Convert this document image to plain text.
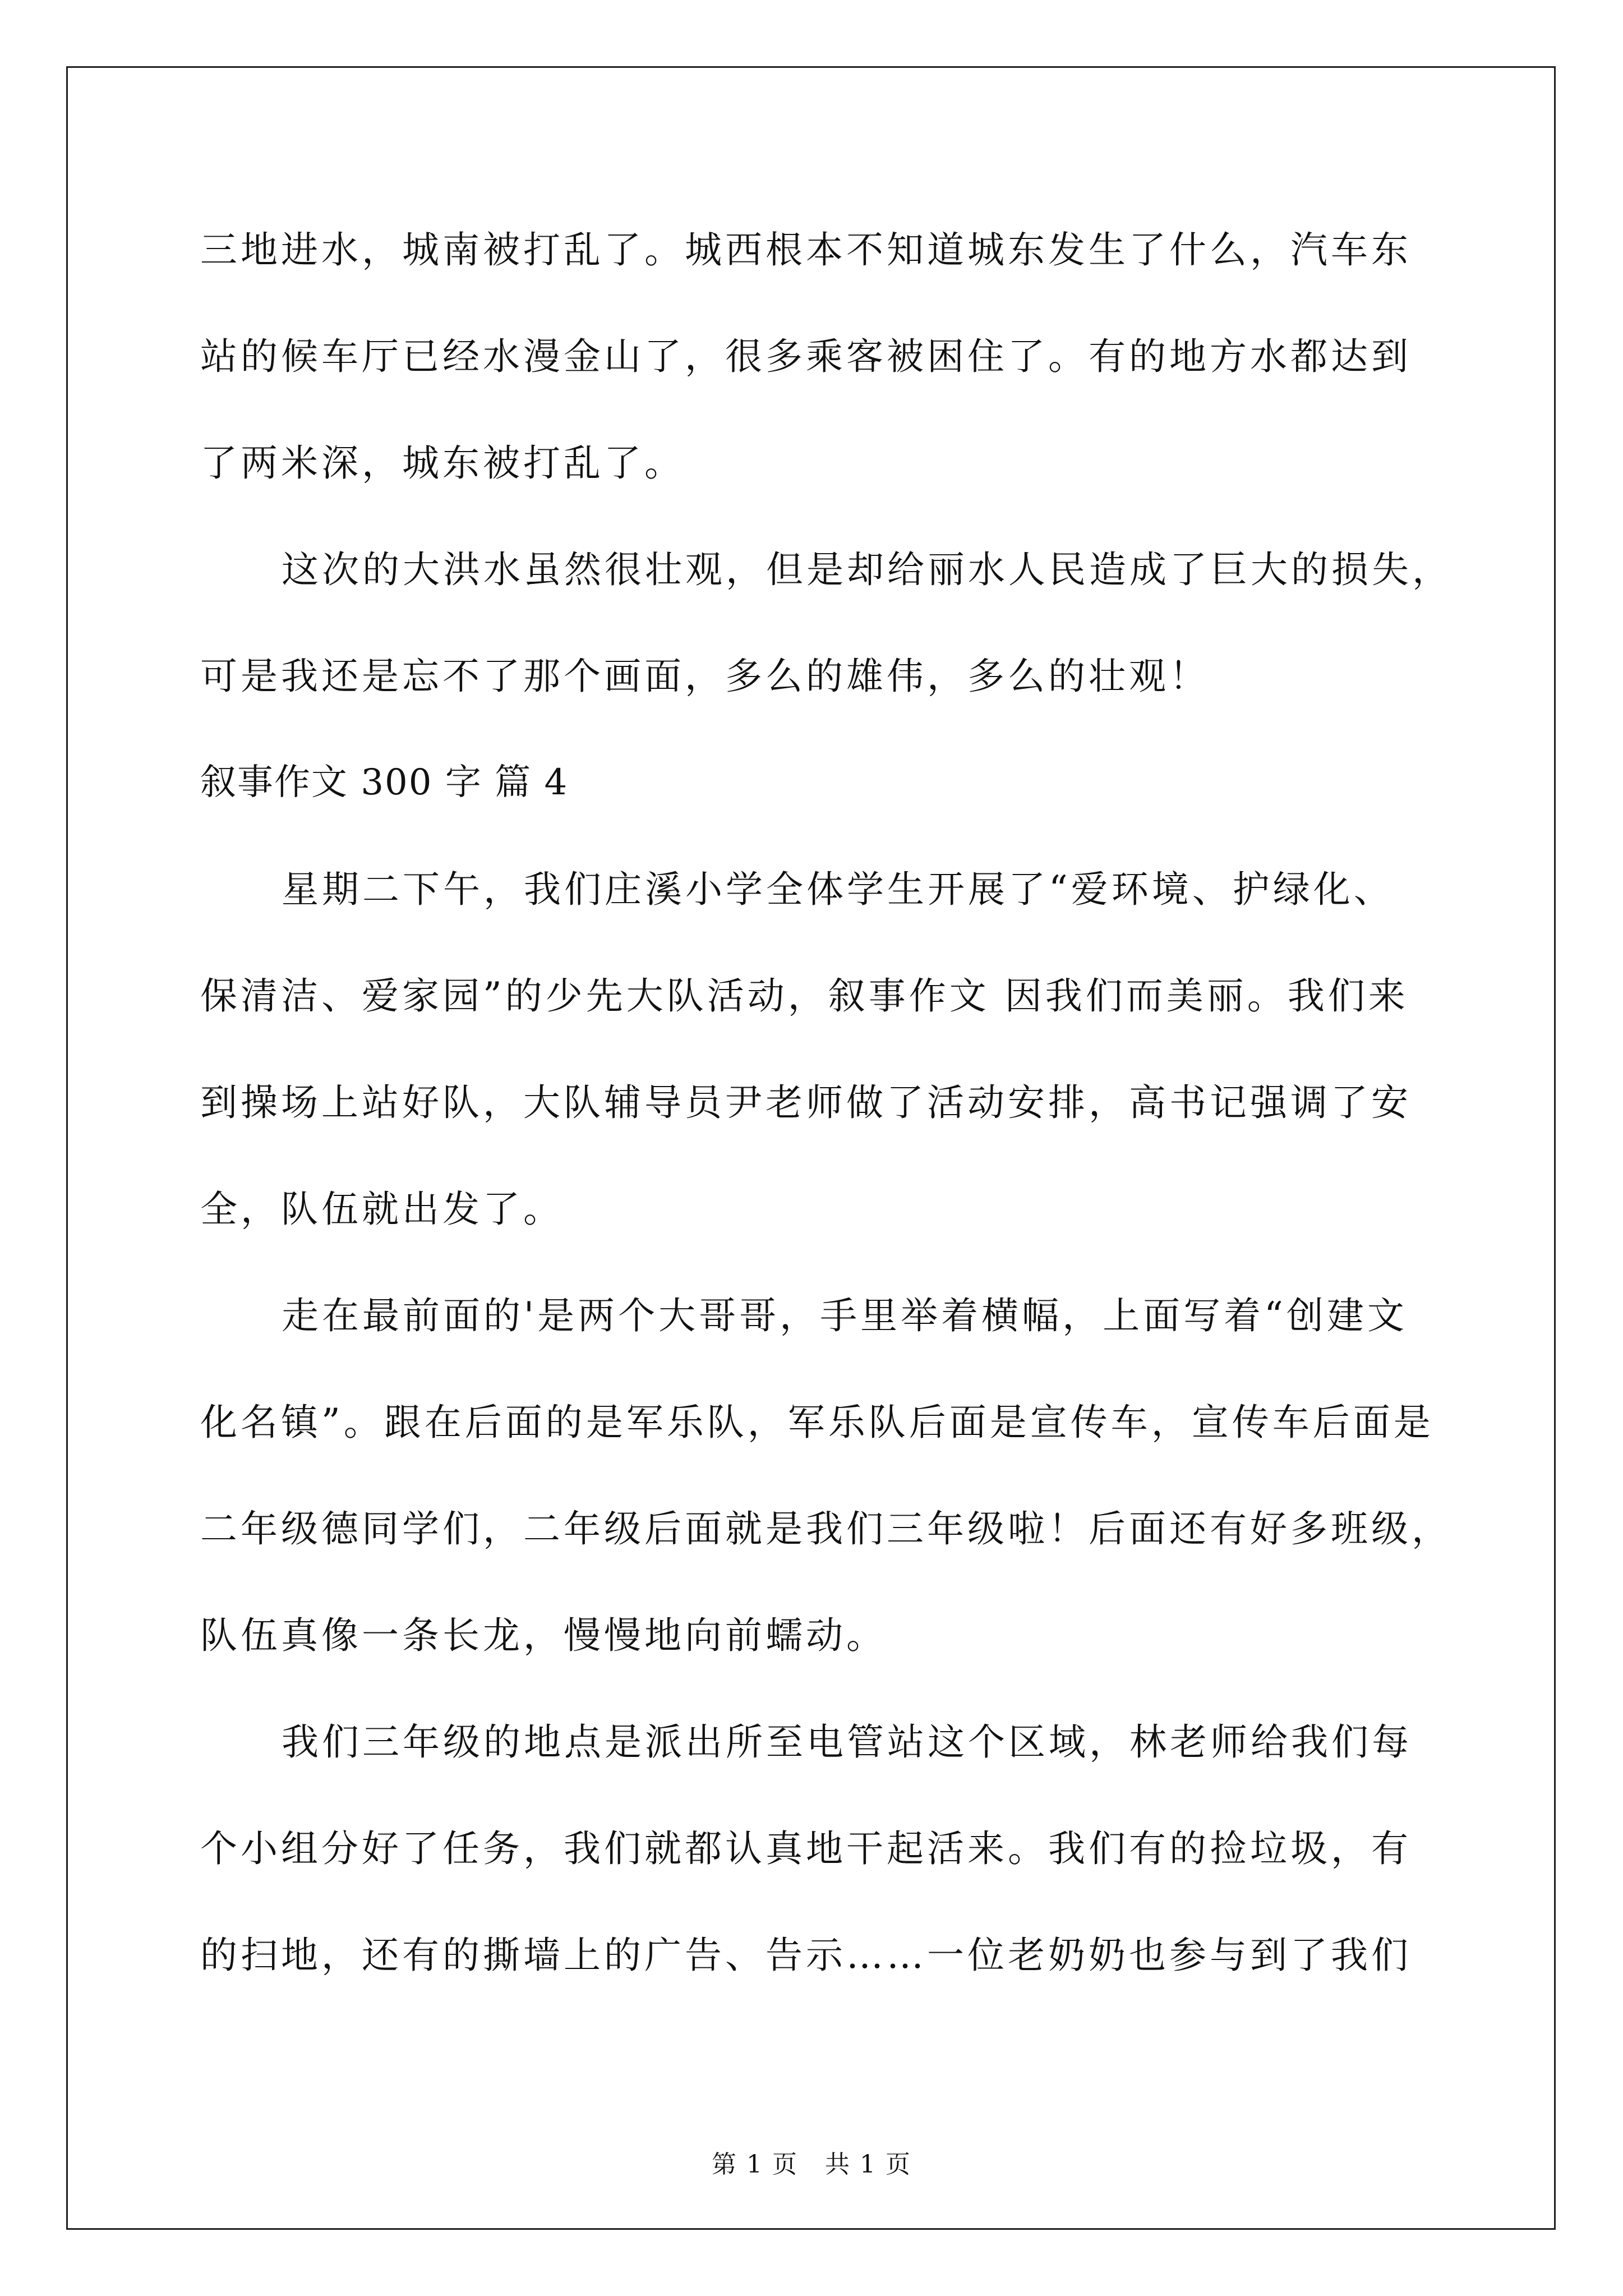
三地进水，城南被打乱了。城西根本不知道城东发生了什么，汽车东
站的候车厅已经水漫金山了，很多乘客被困住了。有的地方水都达到
了两米深，城东被打乱了。
这次的大洪水虽然很壮观，但是却给丽水人民造成了巨大的损失，
可是我还是忘不了那个画面，多么的雄伟，多么的壮观！
叙事作文 300 字 篇 4
星期二下午，我们庄溪小学全体学生开展了“爱环境、护绿化、
保清洁、爱家园”的少先大队活动，叙事作文 因我们而美丽。我们来
到操场上站好队，大队辅导员尹老师做了活动安排，高书记强调了安
全，队伍就出发了。
走在最前面的'是两个大哥哥，手里举着横幅，上面写着“创建文
化名镇”。跟在后面的是军乐队，军乐队后面是宣传车，宣传车后面是
二年级德同学们，二年级后面就是我们三年级啦！后面还有好多班级，
队伍真像一条长龙，慢慢地向前蠕动。
我们三年级的地点是派出所至电管站这个区域，林老师给我们每
个小组分好了任务，我们就都认真地干起活来。我们有的捡垃圾，有
的扫地，还有的撕墙上的广告、告示……一位老奶奶也参与到了我们
第 1 页   共 1 页
